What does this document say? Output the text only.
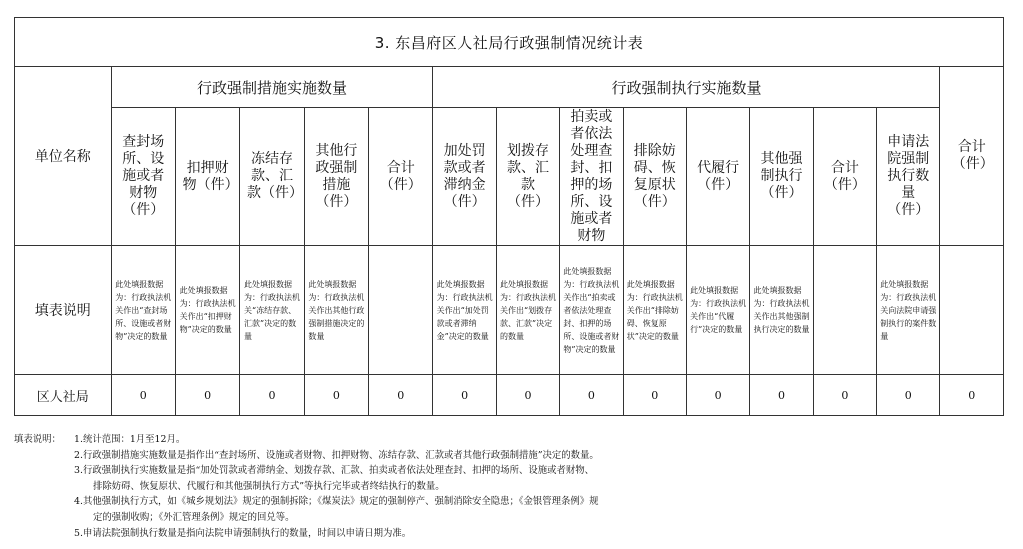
3. 东昌府区人社局行政强制情况统计表														
单位名称	行政强制措施实施数量					行政强制执行实施数量								合计（件）
	查封场所、设施或者财物（件）	扣押财物（件）	冻结存款、汇款（件）	其他行政强制措施（件）	合计（件）	加处罚款或者滞纳金（件）	划拨存款、汇款（件）	拍卖或者依法处理查封、扣押的场所、设施或者财物	排除妨碍、恢复原状（件）	代履行（件）	其他强制执行（件）	合计（件）	申请法院强制执行数量（件）	
填表说明	此处填报数据为：行政执法机关作出“查封场所、设施或者财物”决定的数量	此处填报数据为：行政执法机关作出“扣押财物”决定的数量	此处填报数据为：行政执法机关“冻结存款、汇款”决定的数量	此处填报数据为：行政执法机关作出其他行政强制措施决定的数量		此处填报数据为：行政执法机关作出“加处罚款或者滞纳金”决定的数量	此处填报数据为：行政执法机关作出“划拨存款、汇款”决定的数量	此处填报数据为：行政执法机关作出“拍卖或者依法处理查封、扣押的场所、设施或者财物”决定的数量	此处填报数据为：行政执法机关作出“排除妨碍、恢复原状”决定的数量	此处填报数据为：行政执法机关作出“代履行”决定的数量	此处填报数据为：行政执法机关作出其他强制执行决定的数量		此处填报数据为：行政执法机关向法院申请强制执行的案件数量	
区人社局	0	0	0	0	0	0	0	0	0	0	0	0	0	0
填表说明：	1.统计范围：1月至12月。
2.行政强制措施实施数量是指作出“查封场所、设施或者财物、扣押财物、冻结存款、汇款或者其他行政强制措施”决定的数量。
3.行政强制执行实施数量是指“加处罚款或者滞纳金、划拨存款、汇款、拍卖或者依法处理查封、扣押的场所、设施或者财物、
排除妨碍、恢复原状、代履行和其他强制执行方式”等执行完毕或者终结执行的数量。
4.其他强制执行方式，如《城乡规划法》规定的强制拆除；《煤炭法》规定的强制停产、强制消除安全隐患；《金银管理条例》规
定的强制收购；《外汇管理条例》规定的回兑等。
5.申请法院强制执行数量是指向法院申请强制执行的数量，时间以申请日期为准。
